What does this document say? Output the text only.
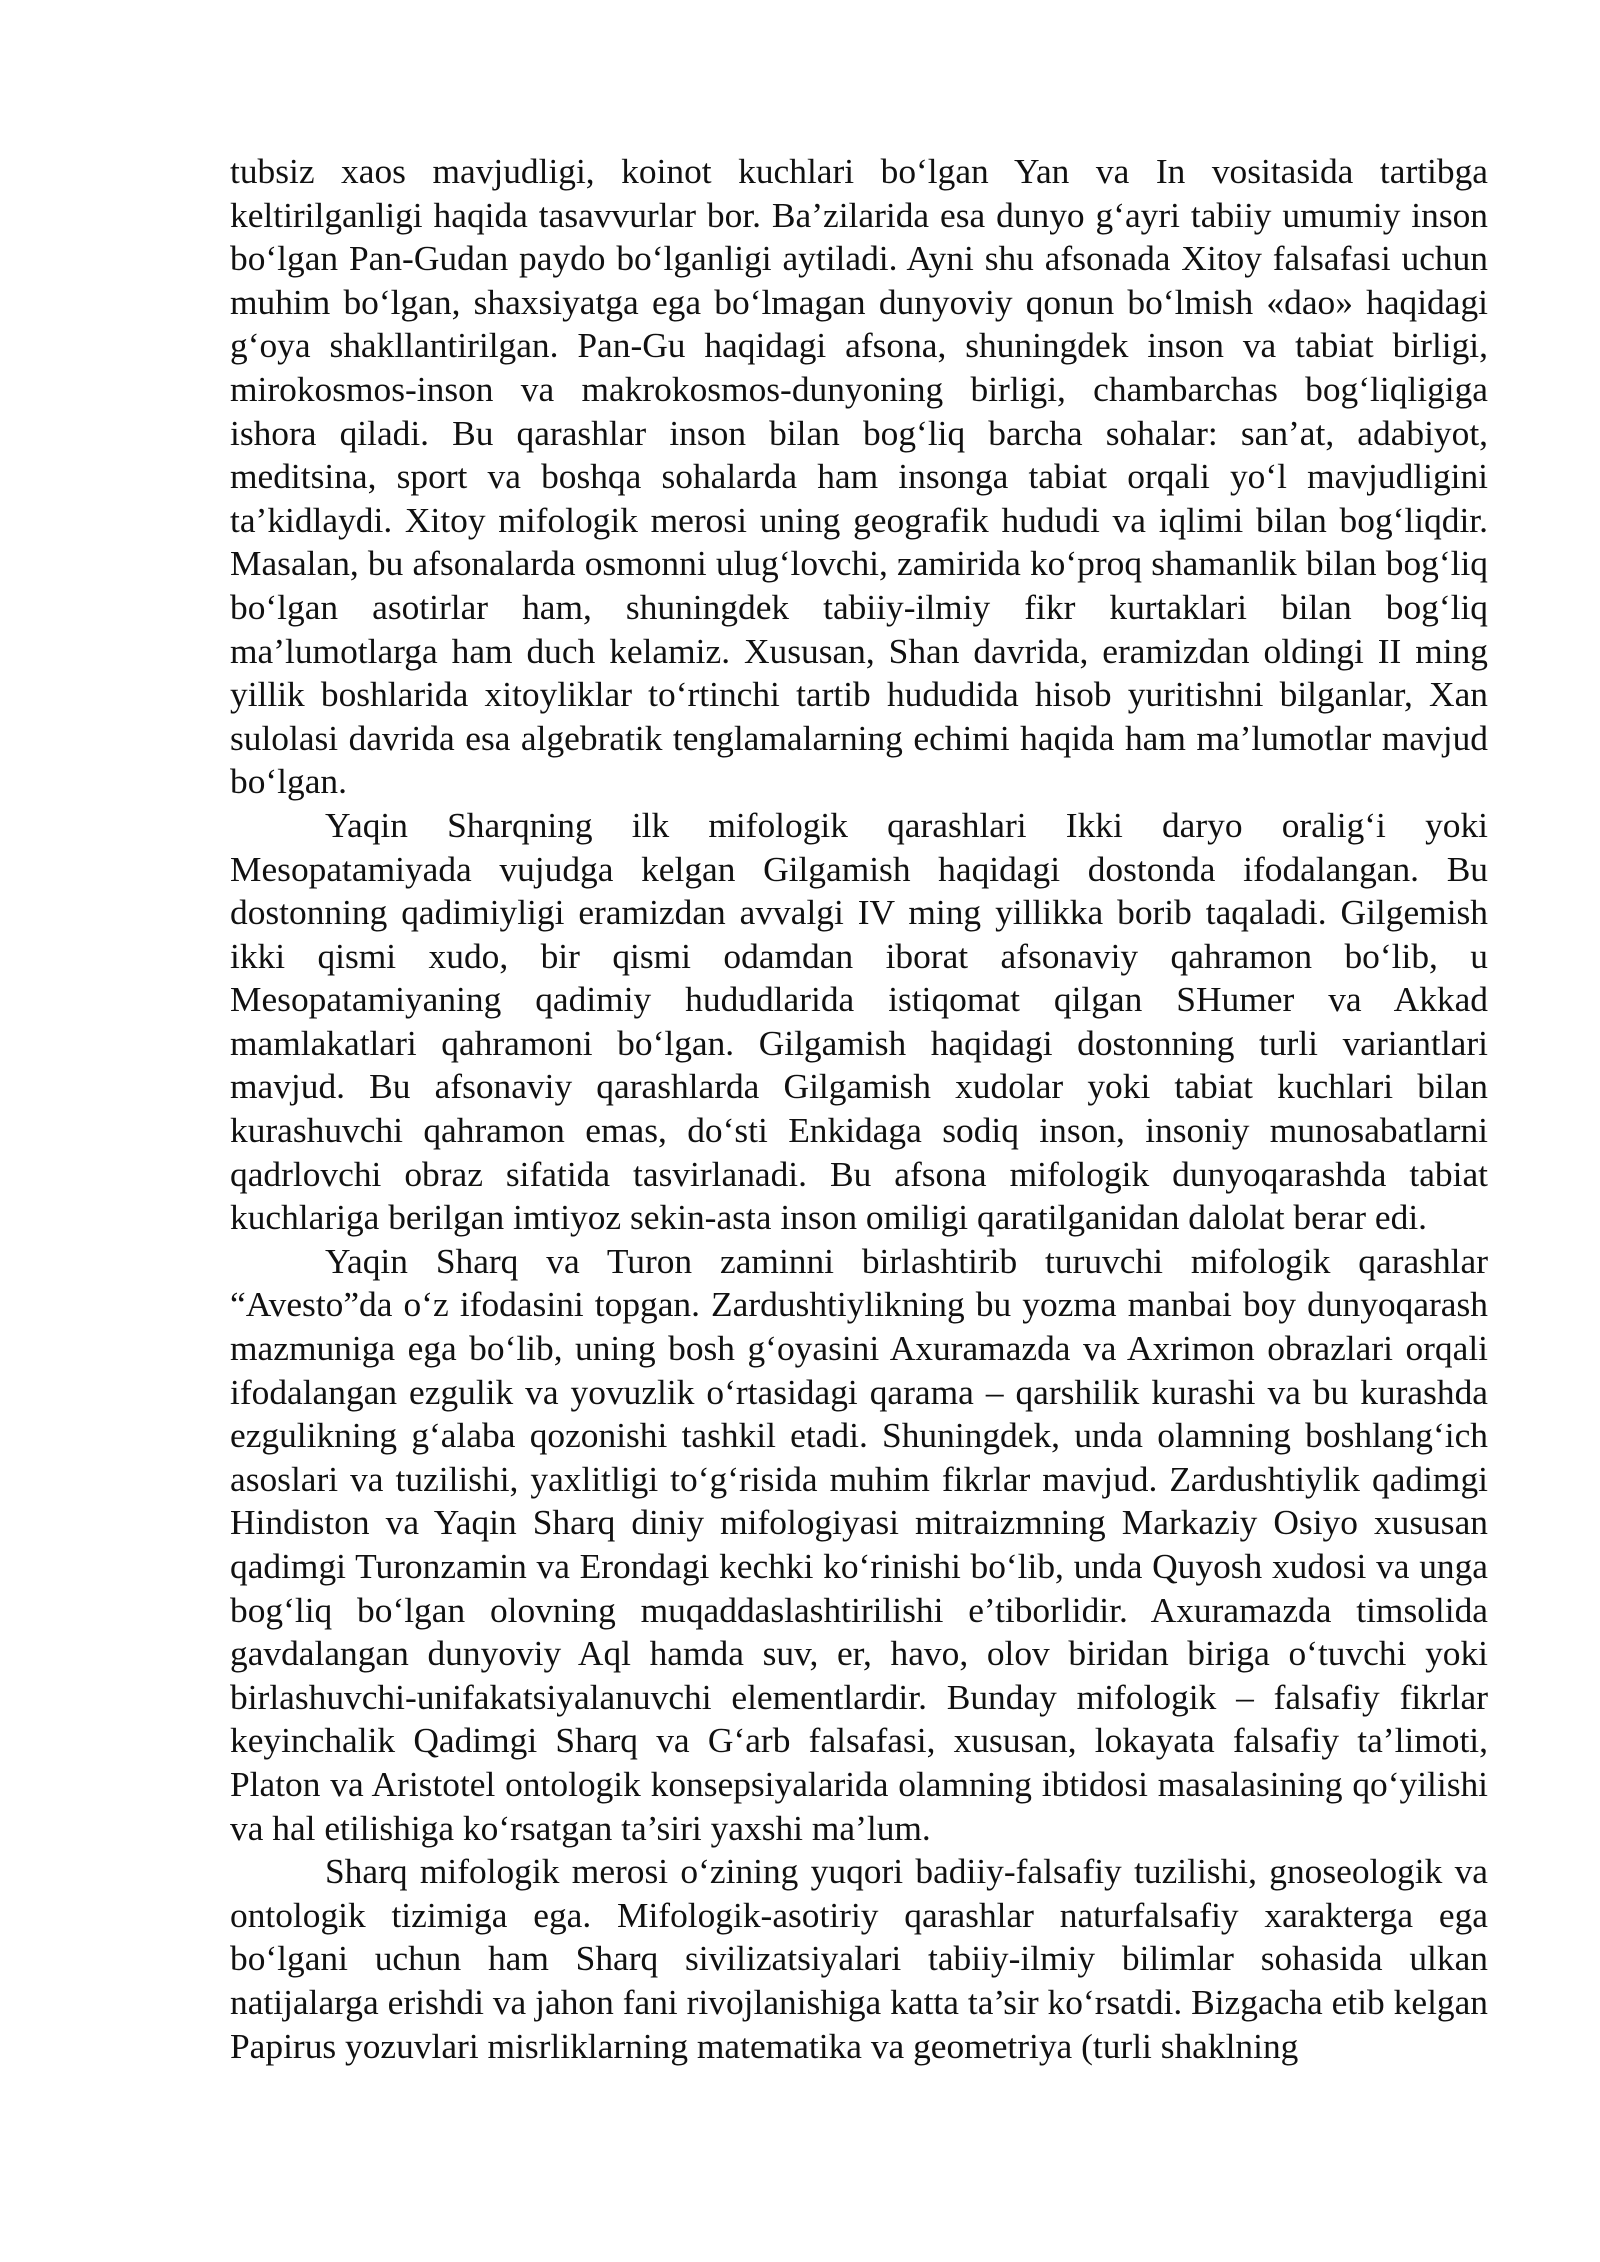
tubsiz xaos mavjudligi, koinot kuchlari bo‘lgan Yan va In vositasida tartibga keltirilganligi haqida tasavvurlar bor. Ba’zilarida esa dunyo g‘ayri tabiiy umumiy inson bo‘lgan Pan-Gudan paydo bo‘lganligi aytiladi. Ayni shu afsonada Xitoy falsafasi uchun muhim bo‘lgan, shaxsiyatga ega bo‘lmagan dunyoviy qonun bo‘lmish «dao» haqidagi g‘oya shakllantirilgan. Pan-Gu haqidagi afsona, shuningdek inson va tabiat birligi, mirokosmos-inson va makrokosmos-dunyoning birligi, chambarchas bog‘liqligiga ishora qiladi. Bu qarashlar inson bilan bog‘liq barcha sohalar: san’at, adabiyot, meditsina, sport va boshqa sohalarda ham insonga tabiat orqali yo‘l mavjudligini ta’kidlaydi. Xitoy mifologik merosi uning geografik hududi va iqlimi bilan bog‘liqdir. Masalan, bu afsonalarda osmonni ulug‘lovchi, zamirida ko‘proq shamanlik bilan bog‘liq bo‘lgan asotirlar ham, shuningdek tabiiy-ilmiy fikr kurtaklari bilan bog‘liq ma’lumotlarga ham duch kelamiz. Xususan, Shan davrida, eramizdan oldingi II ming yillik boshlarida xitoyliklar to‘rtinchi tartib hududida hisob yuritishni bilganlar, Xan sulolasi davrida esa algebratik tenglamalarning echimi haqida ham ma’lumotlar mavjud bo‘lgan.

Yaqin Sharqning ilk mifologik qarashlari Ikki daryo oralig‘i yoki Mesopatamiyada vujudga kelgan Gilgamish haqidagi dostonda ifodalangan. Bu dostonning qadimiyligi eramizdan avvalgi IV ming yillikka borib taqaladi. Gilgemish ikki qismi xudo, bir qismi odamdan iborat afsonaviy qahramon bo‘lib, u Mesopatamiyaning qadimiy hududlarida istiqomat qilgan SHumer va Akkad mamlakatlari qahramoni bo‘lgan. Gilgamish haqidagi dostonning turli variantlari mavjud. Bu afsonaviy qarashlarda Gilgamish xudolar yoki tabiat kuchlari bilan kurashuvchi qahramon emas, do‘sti Enkidaga sodiq inson, insoniy munosabatlarni qadrlovchi obraz sifatida tasvirlanadi. Bu afsona mifologik dunyoqarashda tabiat kuchlariga berilgan imtiyoz sekin-asta inson omiligi qaratilganidan dalolat berar edi.

Yaqin Sharq va Turon zaminni birlashtirib turuvchi mifologik qarashlar “Avesto”da o‘z ifodasini topgan. Zardushtiylikning bu yozma manbai boy dunyoqarash mazmuniga ega bo‘lib, uning bosh g‘oyasini Axuramazda va Axrimon obrazlari orqali ifodalangan ezgulik va yovuzlik o‘rtasidagi qarama – qarshilik kurashi va bu kurashda ezgulikning g‘alaba qozonishi tashkil etadi. Shuningdek, unda olamning boshlang‘ich asoslari va tuzilishi, yaxlitligi to‘g‘risida muhim fikrlar mavjud. Zardushtiylik qadimgi Hindiston va Yaqin Sharq diniy mifologiyasi mitraizmning Markaziy Osiyo xususan qadimgi Turonzamin va Erondagi kechki ko‘rinishi bo‘lib, unda Quyosh xudosi va unga bog‘liq bo‘lgan olovning muqaddaslashtirilishi e’tiborlidir. Axuramazda timsolida gavdalangan dunyoviy Aql hamda suv, er, havo, olov biridan biriga o‘tuvchi yoki birlashuvchi-unifakatsiyalanuvchi elementlardir. Bunday mifologik – falsafiy fikrlar keyinchalik Qadimgi Sharq va G‘arb falsafasi, xususan, lokayata falsafiy ta’limoti, Platon va Aristotel ontologik konsepsiyalarida olamning ibtidosi masalasining qo‘yilishi va hal etilishiga ko‘rsatgan ta’siri yaxshi ma’lum.

Sharq mifologik merosi o‘zining yuqori badiiy-falsafiy tuzilishi, gnoseologik va ontologik tizimiga ega. Mifologik-asotiriy qarashlar naturfalsafiy xarakterga ega bo‘lgani uchun ham Sharq sivilizatsiyalari tabiiy-ilmiy bilimlar sohasida ulkan natijalarga erishdi va jahon fani rivojlanishiga katta ta’sir ko‘rsatdi. Bizgacha etib kelgan Papirus yozuvlari misrliklarning matematika va geometriya (turli shaklning
